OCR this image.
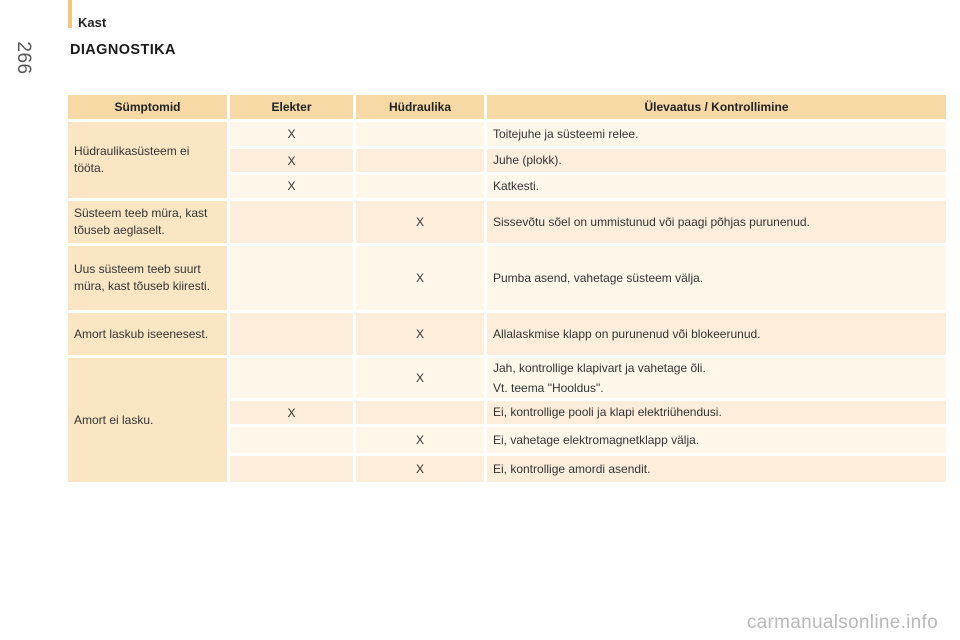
Kast
266 DIAGNOSTIKA
Sümptomid	Elekter	Hüdraulika	Ülevaatus / Kontrollimine
Hüdraulikasüsteem ei tööta.	X		Toitejuhe ja süsteemi relee.

	X		Juhe (plokk).

	X		Katkesti.

Süsteem teeb müra, kast tõuseb aeglaselt.		X	Sissevõtu sõel on ummistunud või paagi põhjas purunenud.

Uus süsteem teeb suurt müra, kast tõuseb kiiresti.		X	Pumba asend, vahetage süsteem välja.

Amort laskub iseenesest.		X	Allalaskmise klapp on purunenud või blokeerunud.

Amort ei lasku.		X	Jah, kontrollige klapivart ja vahetage õli.
Vt. teema "Hooldus".

	X		Ei, kontrollige pooli ja klapi elektriühendusi.

		X	Ei, vahetage elektromagnetklapp välja.

		X	Ei, kontrollige amordi asendit.
carmanualsonline.info
